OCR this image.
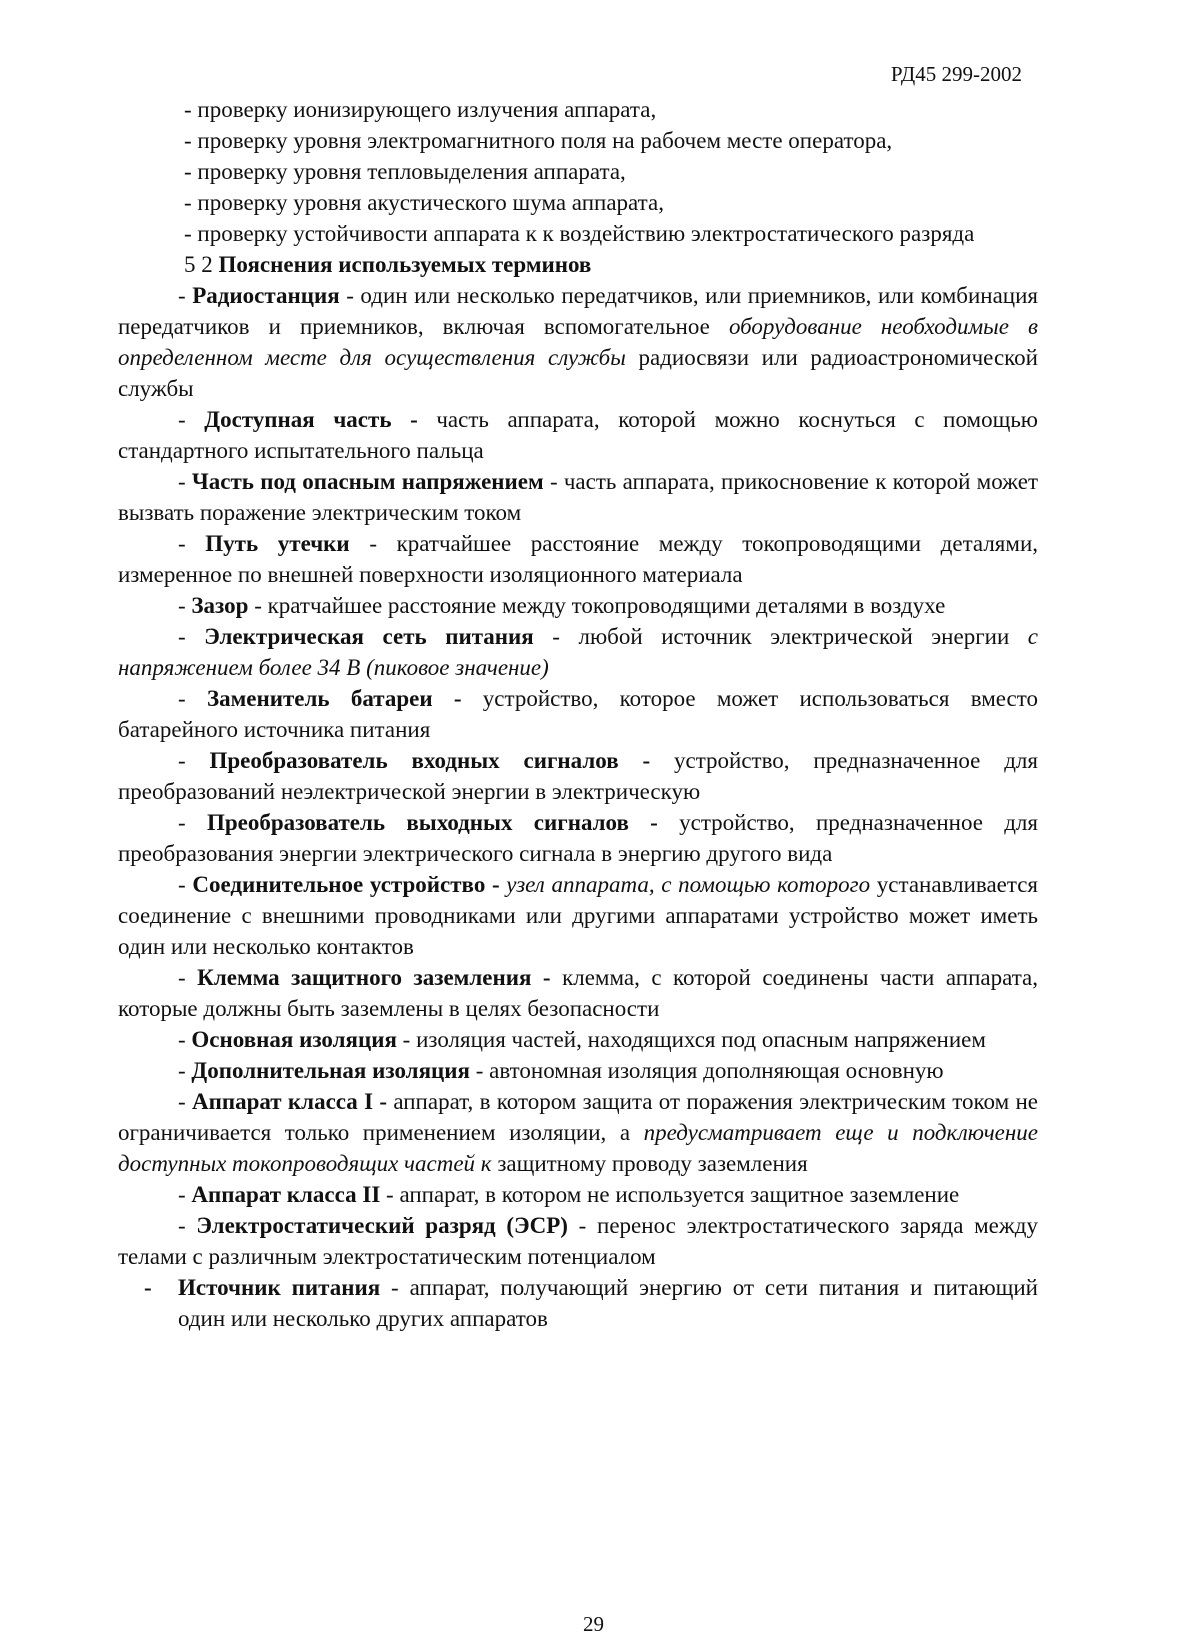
РД45 299-2002

- проверку ионизирующего излучения аппарата,

- проверку уровня электромагнитного поля на рабочем месте оператора,

- проверку уровня тепловыделения аппарата,

- проверку уровня акустического шума аппарата,

- проверку устойчивости аппарата к к воздействию электростатического разряда

5 2 Пояснения используемых терминов

- Радиостанция - один или несколько передатчиков, или приемников, или комбинация передатчиков и приемников, включая вспомогательное оборудование необходимые в определенном месте для осуществления службы радиосвязи или радиоастрономической службы

- Доступная часть - часть аппарата, которой можно коснуться с помощью стандартного испытательного пальца

- Часть под опасным напряжением - часть аппарата, прикосновение к которой может вызвать поражение электрическим током

- Путь утечки - кратчайшее расстояние между токопроводящими деталями, измеренное по внешней поверхности изоляционного материала

- Зазор - кратчайшее расстояние между токопроводящими деталями в воздухе

- Электрическая сеть питания - любой источник электрической энергии с напряжением более 34 В (пиковое значение)

- Заменитель батареи - устройство, которое может использоваться вместо батарейного источника питания

- Преобразователь входных сигналов - устройство, предназначенное для преобразований неэлектрической энергии в электрическую

- Преобразователь выходных сигналов - устройство, предназначенное для преобразования энергии электрического сигнала в энергию другого вида

- Соединительное устройство - узел аппарата, с помощью которого устанавливается соединение с внешними проводниками или другими аппаратами устройство может иметь один или несколько контактов

- Клемма защитного заземления - клемма, с которой соединены части аппарата, которые должны быть заземлены в целях безопасности

- Основная изоляция - изоляция частей, находящихся под опасным напряжением

- Дополнительная изоляция - автономная изоляция дополняющая основную

- Аппарат класса I - аппарат, в котором защита от поражения электрическим током не ограничивается только применением изоляции, а предусматривает еще и подключение доступных токопроводящих частей к защитному проводу заземления

- Аппарат класса II - аппарат, в котором не используется защитное заземление

- Электростатический разряд (ЭСР) - перенос электростатического заряда между телами с различным электростатическим потенциалом

- Источник питания - аппарат, получающий энергию от сети питания и питающий один или несколько других аппаратов

29
